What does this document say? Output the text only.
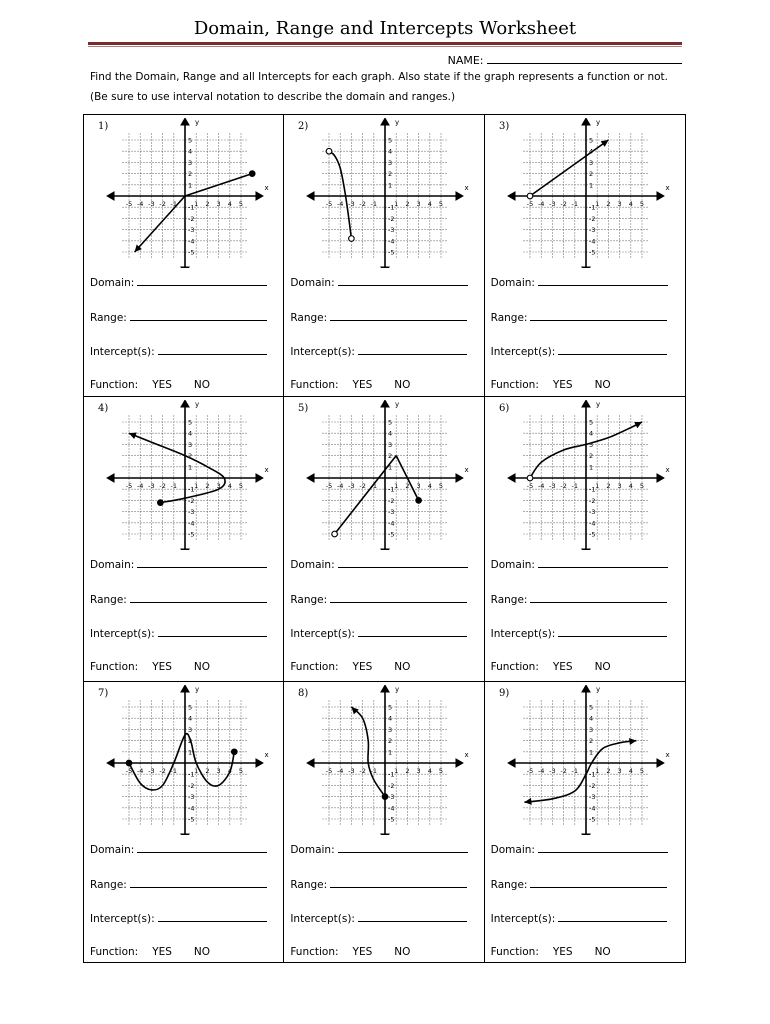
Domain, Range and Intercepts Worksheet
NAME:
Find the Domain, Range and all Intercepts for each graph. Also state if the graph represents a function or not. (Be sure to use interval notation to describe the domain and ranges.)
-5
-5
-4
-4
-3
-3
-2
-2
-1 -1 1
1
2
2
3
3
4
4
5
5
x
y
1)
Domain:
Range:
Intercept(s):
Function: YES NO
-5
-5
-4
-4
-3
-3
-2
-2
-1 -1 1
1
2
2
3
3
4
4
5
5
x
y
2)
Domain:
Range:
Intercept(s):
Function: YES NO
-5
-5
-4
-4
-3
-3
-2
-2
-1 -1 1
1
2
2
3
3
4
4
5
5
x
y
3)
Domain:
Range:
Intercept(s):
Function: YES NO
-5
-5
-4
-4
-3
-3
-2
-2
-1 -1 1
1
2
2
3
3
4
4
5
5
x
y
4)
Domain:
Range:
Intercept(s):
Function: YES NO
-5
-5
-4
-4
-3
-3
-2
-2
-1 -1 1
1
2
2
3
3
4
4
5
5
x
y
5)
Domain:
Range:
Intercept(s):
Function: YES NO
-5
-5
-4
-4
-3
-3
-2
-2
-1 -1 1
1
2
2
3
3
4
4
5
5
x
y
6)
Domain:
Range:
Intercept(s):
Function: YES NO
-5
-5
-4
-4
-3
-3
-2
-2
-1 -1 1
1
2
2
3
3
4
4
5
5
x
y
7)
Domain:
Range:
Intercept(s):
Function: YES NO
-5
-5
-4
-4
-3
-3
-2
-2
-1 -1 1
1
2
2
3
3
4
4
5
5
x
y
8)
Domain:
Range:
Intercept(s):
Function: YES NO
-5
-5
-4
-4
-3
-3
-2
-2
-1 -1 1
1
2
2
3
3
4
4
5
5
x
y
9)
Domain:
Range:
Intercept(s):
Function: YES NO
